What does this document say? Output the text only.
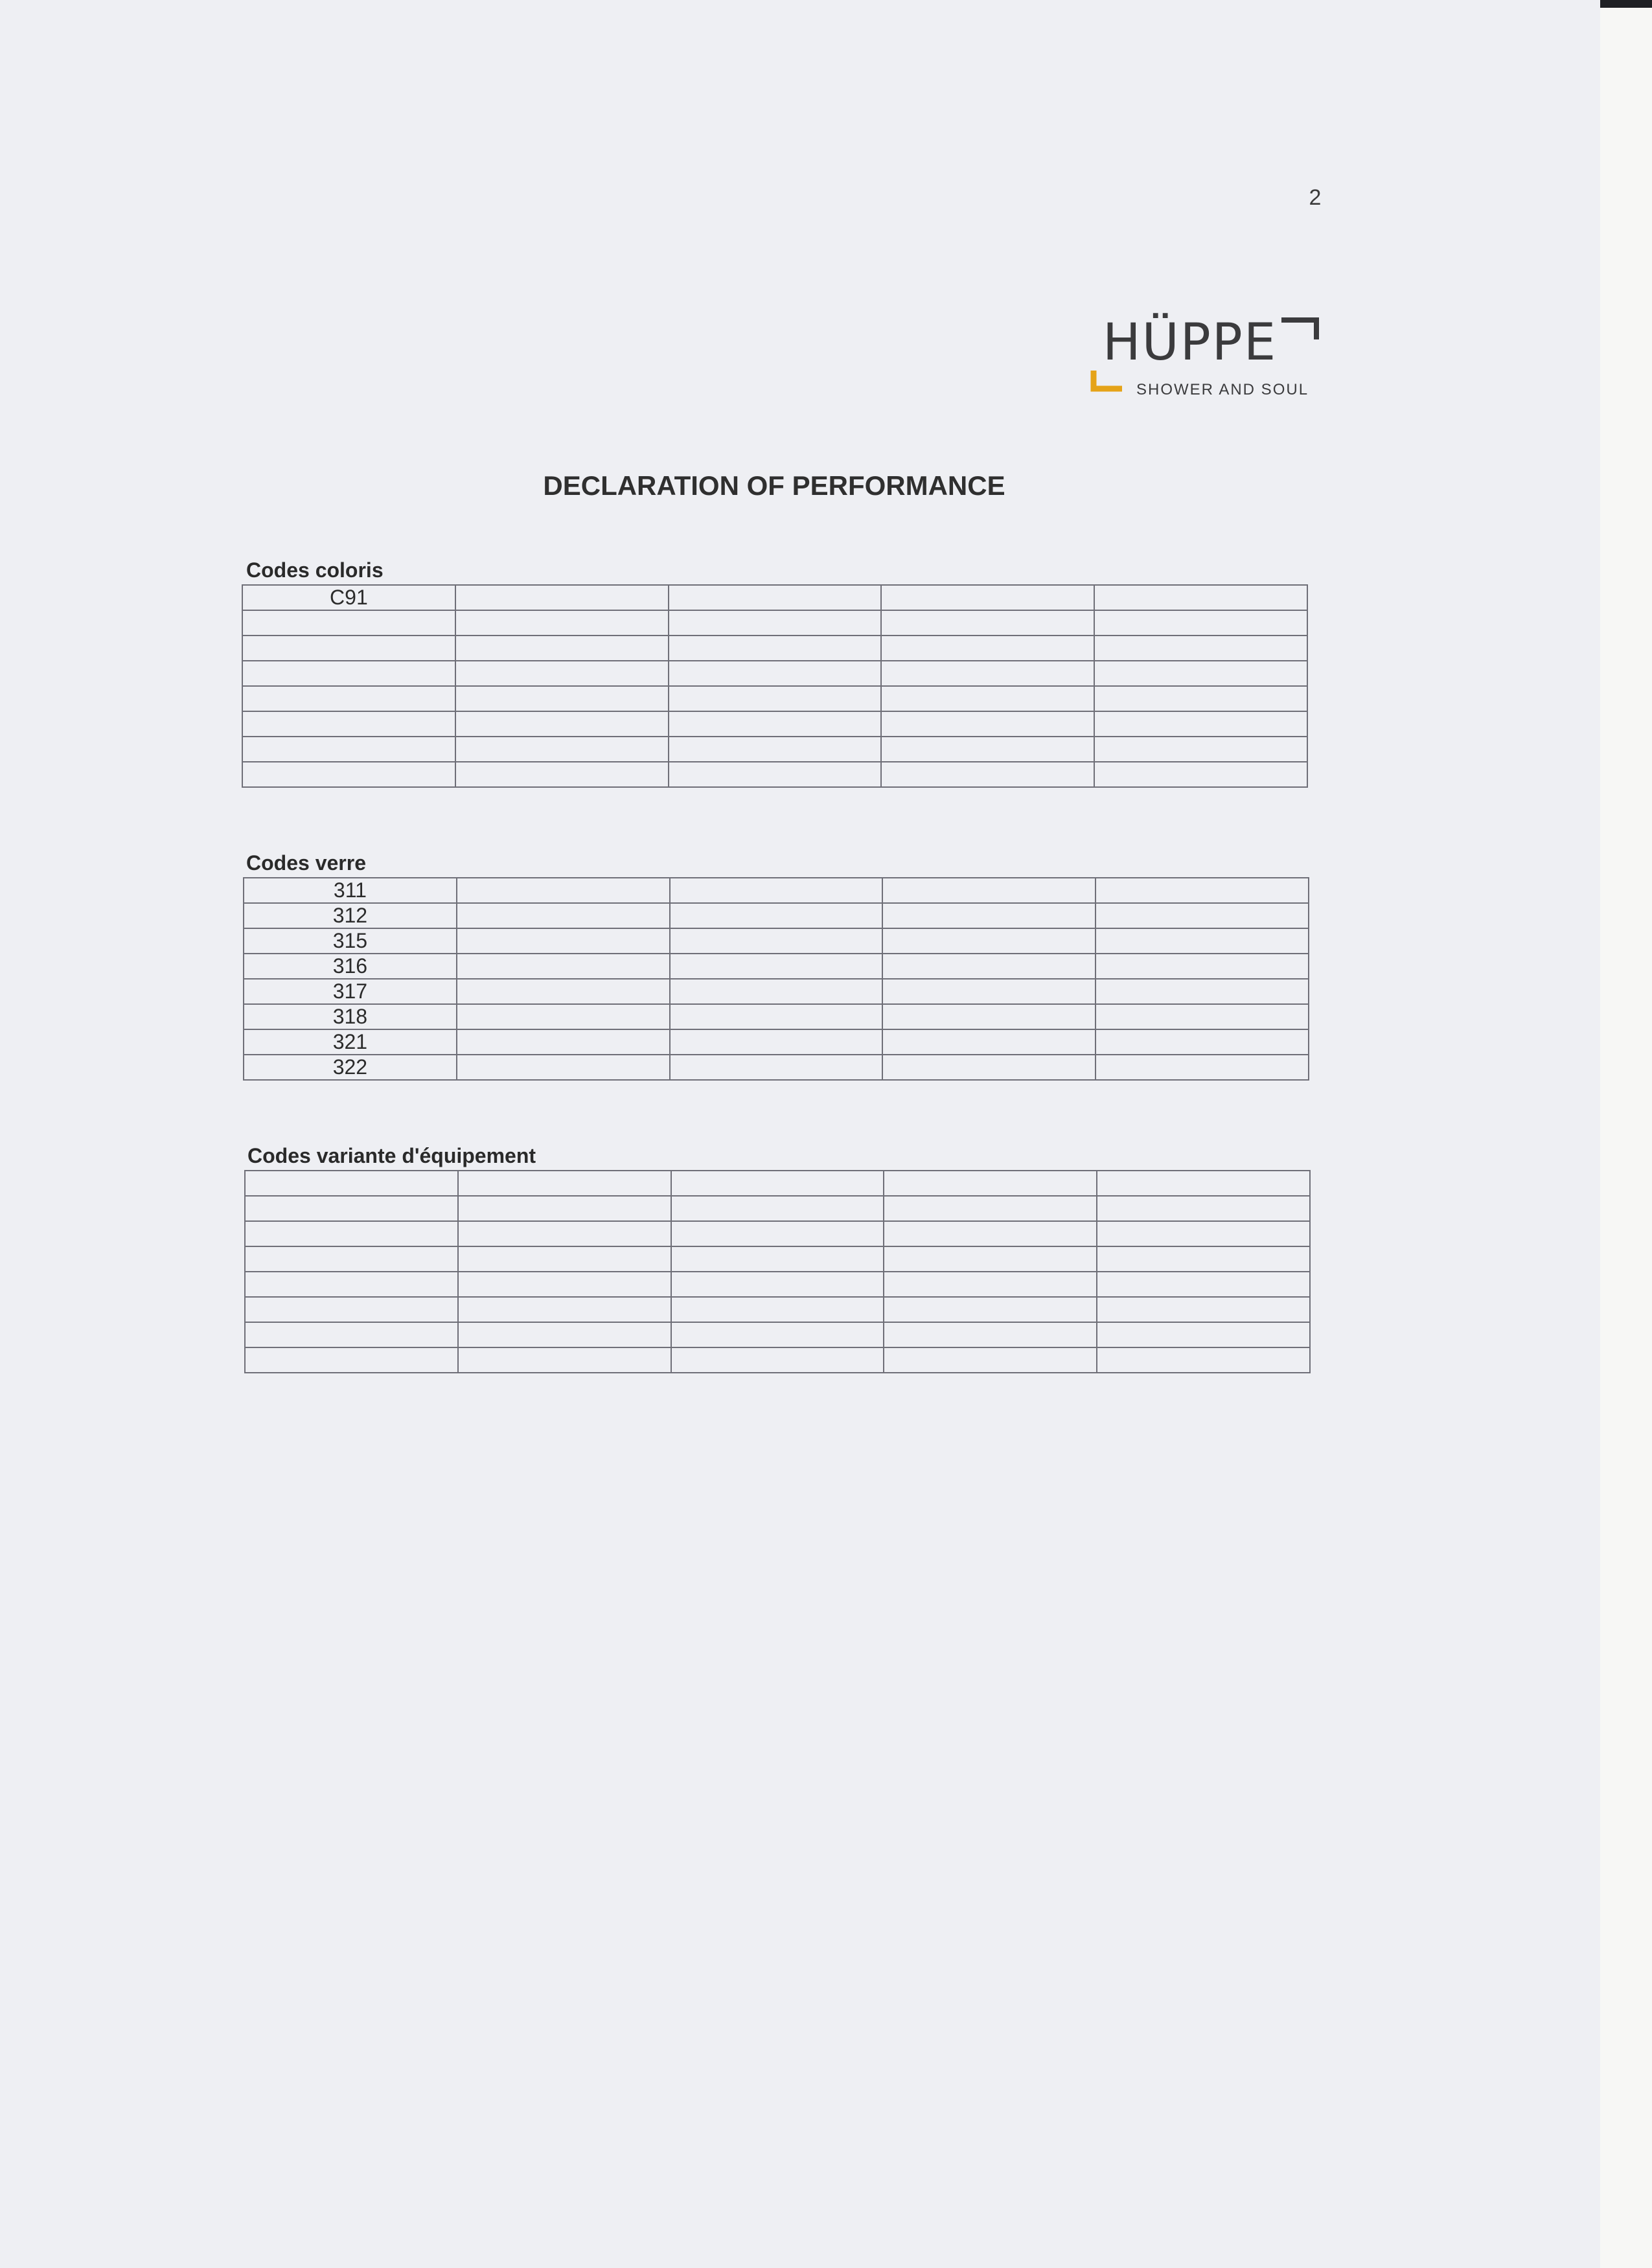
2
HÜPPE
SHOWER AND SOUL
DECLARATION OF PERFORMANCE
Codes coloris
C91				

Codes verre
311				
312				
315				
316				
317				
318				
321				
322				
Codes variante d'équipement
